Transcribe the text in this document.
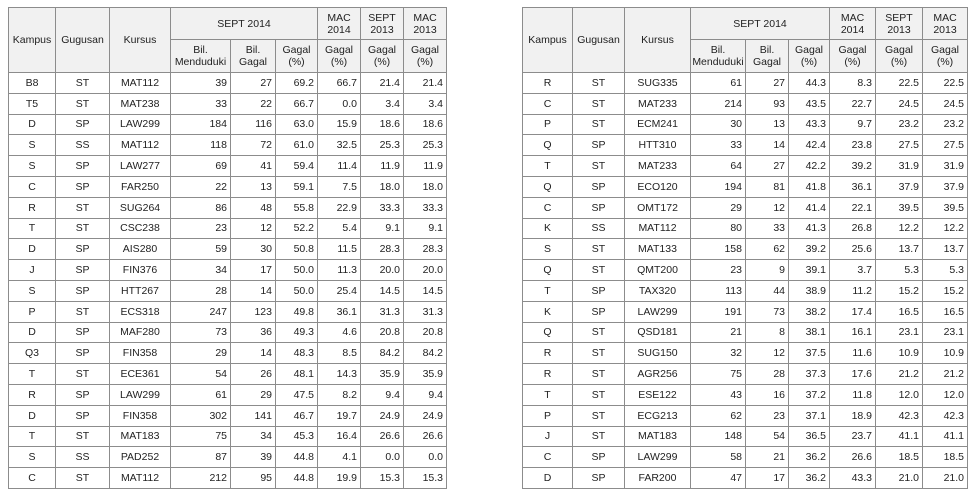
Kampus	Gugusan	Kursus	SEPT 2014			MAC 2014	SEPT 2013	MAC 2013
			Bil. Menduduki	Bil. Gagal	Gagal (%)	Gagal (%)	Gagal (%)	Gagal (%)
B8	ST	MAT112	39	27	69.2	66.7	21.4	21.4
T5	ST	MAT238	33	22	66.7	0.0	3.4	3.4
D	SP	LAW299	184	116	63.0	15.9	18.6	18.6
S	SS	MAT112	118	72	61.0	32.5	25.3	25.3
S	SP	LAW277	69	41	59.4	11.4	11.9	11.9
C	SP	FAR250	22	13	59.1	7.5	18.0	18.0
R	ST	SUG264	86	48	55.8	22.9	33.3	33.3
T	ST	CSC238	23	12	52.2	5.4	9.1	9.1
D	SP	AIS280	59	30	50.8	11.5	28.3	28.3
J	SP	FIN376	34	17	50.0	11.3	20.0	20.0
S	SP	HTT267	28	14	50.0	25.4	14.5	14.5
P	ST	ECS318	247	123	49.8	36.1	31.3	31.3
D	SP	MAF280	73	36	49.3	4.6	20.8	20.8
Q3	SP	FIN358	29	14	48.3	8.5	84.2	84.2
T	ST	ECE361	54	26	48.1	14.3	35.9	35.9
R	SP	LAW299	61	29	47.5	8.2	9.4	9.4
D	SP	FIN358	302	141	46.7	19.7	24.9	24.9
T	ST	MAT183	75	34	45.3	16.4	26.6	26.6
S	SS	PAD252	87	39	44.8	4.1	0.0	0.0
C	ST	MAT112	212	95	44.8	19.9	15.3	15.3
Kampus	Gugusan	Kursus	SEPT 2014			MAC 2014	SEPT 2013	MAC 2013
			Bil. Menduduki	Bil. Gagal	Gagal (%)	Gagal (%)	Gagal (%)	Gagal (%)
R	ST	SUG335	61	27	44.3	8.3	22.5	22.5
C	ST	MAT233	214	93	43.5	22.7	24.5	24.5
P	ST	ECM241	30	13	43.3	9.7	23.2	23.2
Q	SP	HTT310	33	14	42.4	23.8	27.5	27.5
T	ST	MAT233	64	27	42.2	39.2	31.9	31.9
Q	SP	ECO120	194	81	41.8	36.1	37.9	37.9
C	SP	OMT172	29	12	41.4	22.1	39.5	39.5
K	SS	MAT112	80	33	41.3	26.8	12.2	12.2
S	ST	MAT133	158	62	39.2	25.6	13.7	13.7
Q	ST	QMT200	23	9	39.1	3.7	5.3	5.3
T	SP	TAX320	113	44	38.9	11.2	15.2	15.2
K	SP	LAW299	191	73	38.2	17.4	16.5	16.5
Q	ST	QSD181	21	8	38.1	16.1	23.1	23.1
R	ST	SUG150	32	12	37.5	11.6	10.9	10.9
R	ST	AGR256	75	28	37.3	17.6	21.2	21.2
T	ST	ESE122	43	16	37.2	11.8	12.0	12.0
P	ST	ECG213	62	23	37.1	18.9	42.3	42.3
J	ST	MAT183	148	54	36.5	23.7	41.1	41.1
C	SP	LAW299	58	21	36.2	26.6	18.5	18.5
D	SP	FAR200	47	17	36.2	43.3	21.0	21.0
